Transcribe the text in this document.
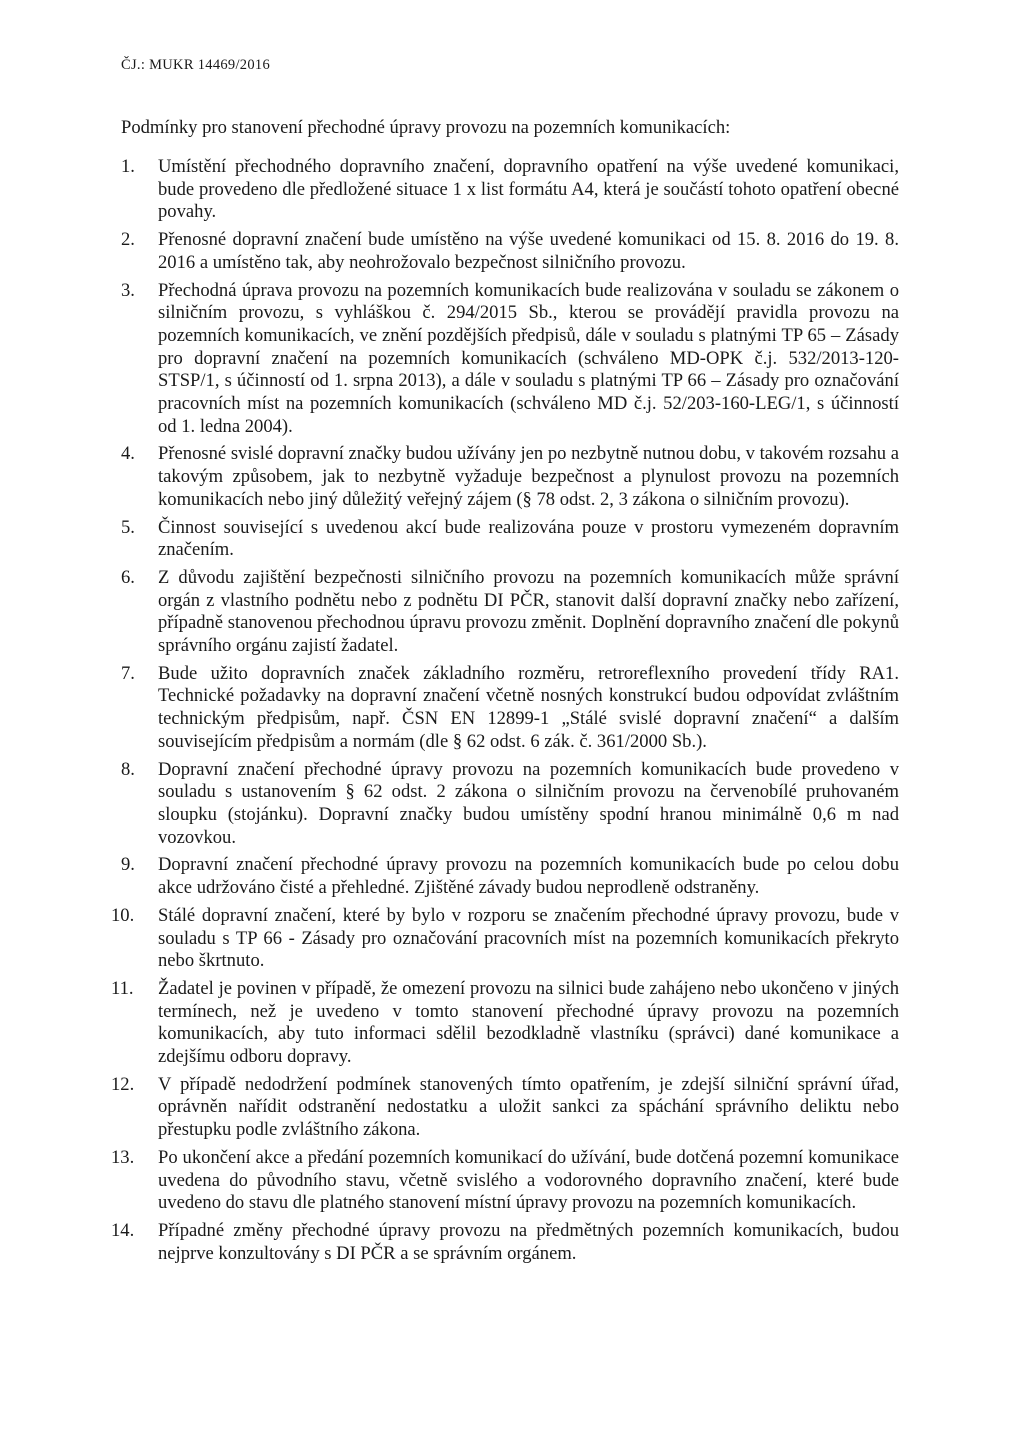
ČJ.: MUKR 14469/2016
Podmínky pro stanovení přechodné úpravy provozu na pozemních komunikacích:
1.	Umístění přechodného dopravního značení, dopravního opatření na výše uvedené komunikaci, bude provedeno dle předložené situace 1 x list formátu A4, která je součástí tohoto opatření obecné povahy.
2.	Přenosné dopravní značení bude umístěno na výše uvedené komunikaci od 15. 8. 2016 do 19. 8. 2016 a umístěno tak, aby neohrožovalo bezpečnost silničního provozu.
3.	Přechodná úprava provozu na pozemních komunikacích bude realizována v souladu se zákonem o silničním provozu, s vyhláškou č. 294/2015 Sb., kterou se provádějí pravidla provozu na pozemních komunikacích, ve znění pozdějších předpisů, dále v souladu s platnými TP 65 – Zásady pro dopravní značení na pozemních komunikacích (schváleno MD-OPK č.j. 532/2013-120-STSP/1, s účinností od 1. srpna 2013), a dále v souladu s platnými TP 66 – Zásady pro označování pracovních míst na pozemních komunikacích (schváleno MD č.j. 52/203-160-LEG/1, s účinností od 1. ledna 2004).
4.	Přenosné svislé dopravní značky budou užívány jen po nezbytně nutnou dobu, v takovém rozsahu a takovým způsobem, jak to nezbytně vyžaduje bezpečnost a plynulost provozu na pozemních komunikacích nebo jiný důležitý veřejný zájem (§ 78 odst. 2, 3 zákona o silničním provozu).
5.	Činnost související s uvedenou akcí bude realizována pouze v prostoru vymezeném dopravním značením.
6.	Z důvodu zajištění bezpečnosti silničního provozu na pozemních komunikacích může správní orgán z vlastního podnětu nebo z podnětu DI PČR, stanovit další dopravní značky nebo zařízení, případně stanovenou přechodnou úpravu provozu změnit. Doplnění dopravního značení dle pokynů správního orgánu zajistí žadatel.
7.	Bude užito dopravních značek základního rozměru, retroreflexního provedení třídy RA1. Technické požadavky na dopravní značení včetně nosných konstrukcí budou odpovídat zvláštním technickým předpisům, např. ČSN EN 12899-1 „Stálé svislé dopravní značení“ a dalším souvisejícím předpisům a normám (dle § 62 odst. 6 zák. č. 361/2000 Sb.).
8.	Dopravní značení přechodné úpravy provozu na pozemních komunikacích bude provedeno v souladu s ustanovením § 62 odst. 2 zákona o silničním provozu na červenobílé pruhovaném sloupku (stojánku). Dopravní značky budou umístěny spodní hranou minimálně 0,6 m nad vozovkou.
9.	Dopravní značení přechodné úpravy provozu na pozemních komunikacích bude po celou dobu akce udržováno čisté a přehledné. Zjištěné závady budou neprodleně odstraněny.
10.	Stálé dopravní značení, které by bylo v rozporu se značením přechodné úpravy provozu, bude v souladu s TP 66 - Zásady pro označování pracovních míst na pozemních komunikacích překryto nebo škrtnuto.
11.	Žadatel je povinen v případě, že omezení provozu na silnici bude zahájeno nebo ukončeno v jiných termínech, než je uvedeno v tomto stanovení přechodné úpravy provozu na pozemních komunikacích, aby tuto informaci sdělil bezodkladně vlastníku (správci) dané komunikace a zdejšímu odboru dopravy.
12.	V případě nedodržení podmínek stanovených tímto opatřením, je zdejší silniční správní úřad, oprávněn nařídit odstranění nedostatku a uložit sankci za spáchání správního deliktu nebo přestupku podle zvláštního zákona.
13.	Po ukončení akce a předání pozemních komunikací do užívání, bude dotčená pozemní komunikace uvedena do původního stavu, včetně svislého a vodorovného dopravního značení, které bude uvedeno do stavu dle platného stanovení místní úpravy provozu na pozemních komunikacích.
14.	Případné změny přechodné úpravy provozu na předmětných pozemních komunikacích, budou nejprve konzultovány s DI PČR a se správním orgánem.
